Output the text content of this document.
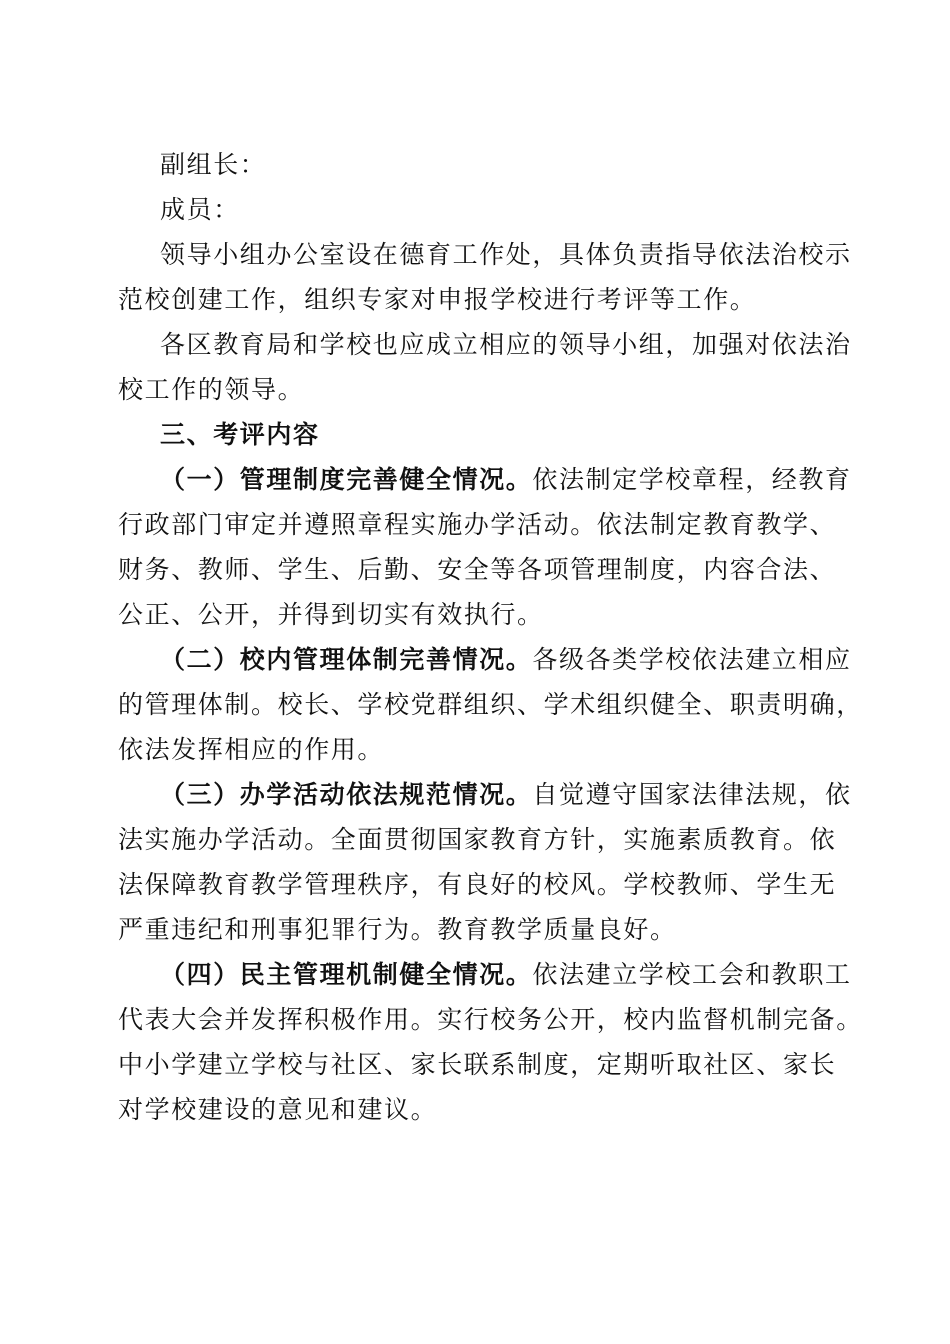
副组长：
成员：
领导小组办公室设在德育工作处，具体负责指导依法治校示
范校创建工作，组织专家对申报学校进行考评等工作。
各区教育局和学校也应成立相应的领导小组，加强对依法治
校工作的领导。
三、考评内容
（一）管理制度完善健全情况。依法制定学校章程，经教育
行政部门审定并遵照章程实施办学活动。依法制定教育教学、
财务、教师、学生、后勤、安全等各项管理制度，内容合法、
公正、公开，并得到切实有效执行。
（二）校内管理体制完善情况。各级各类学校依法建立相应
的管理体制。校长、学校党群组织、学术组织健全、职责明确，
依法发挥相应的作用。
（三）办学活动依法规范情况。自觉遵守国家法律法规，依
法实施办学活动。全面贯彻国家教育方针，实施素质教育。依
法保障教育教学管理秩序，有良好的校风。学校教师、学生无
严重违纪和刑事犯罪行为。教育教学质量良好。
（四）民主管理机制健全情况。依法建立学校工会和教职工
代表大会并发挥积极作用。实行校务公开，校内监督机制完备。
中小学建立学校与社区、家长联系制度，定期听取社区、家长
对学校建设的意见和建议。
